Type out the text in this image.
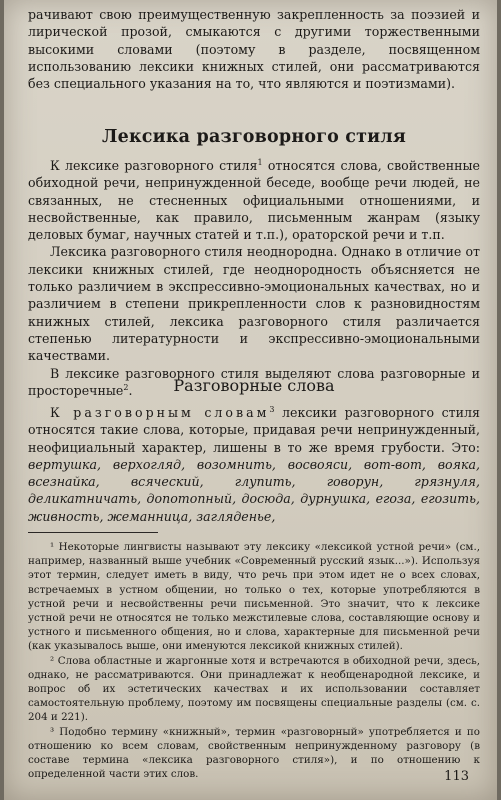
рачивают свою преимущественную закрепленность за поэзией и лирической прозой, смыкаются с другими торжественными высокими словами (поэтому в разделе, посвященном использованию лексики книжных стилей, они рассматриваются без специального указания на то, что являются и поэтизмами).

Лексика разговорного стиля

К лексике разговорного стиля$^1$ относятся слова, свойственные обиходной речи, непринужденной беседе, вообще речи людей, не связанных, не стесненных официальными отношениями, и несвойственные, как правило, письменным жанрам (языку деловых бумаг, научных статей и т.п.), ораторской речи и т.п.

Лексика разговорного стиля неоднородна. Однако в отличие от лексики книжных стилей, где неоднородность объясняется не только различием в экспрессивно-эмоциональных качествах, но и различием в степени прикрепленности слов к разновидностям книжных стилей, лексика разговорного стиля различается степенью литературности и экспрессивно-эмоциональными качествами.

В лексике разговорного стиля выделяют слова разговорные и просторечные$^2$.	Разговорные слова

К разговорным словам$^3$ лексики разговорного стиля относятся такие слова, которые, придавая речи непринужденный, неофициальный характер, лишены в то же время грубости. Это: вертушка, верхогляд, возомнить, восвояси, вот-вот, вояка, всезнайка, всяческий, глупить, говорун, грязнуля, деликатничать, допотопный, досюда, дурнушка, егоза, егозить, живность, жеманница, загляденье,

¹ Некоторые лингвисты называют эту лексику «лексикой устной речи» (см., например, названный выше учебник «Современный русский язык...»). Используя этот термин, следует иметь в виду, что речь при этом идет не о всех словах, встречаемых в устном общении, но только о тех, которые употребляются в устной речи и несвойственны речи письменной. Это значит, что к лексике устной речи не относятся не только межстилевые слова, составляющие основу и устного и письменного общения, но и слова, характерные для письменной речи (как указывалось выше, они именуются лексикой книжных стилей).

² Слова областные и жаргонные хотя и встречаются в обиходной речи, здесь, однако, не рассматриваются. Они принадлежат к необщенародной лексике, и вопрос об их эстетических качествах и их использовании составляет самостоятельную проблему, поэтому им посвящены специальные разделы (см. с. 204 и 221).

³ Подобно термину «книжный», термин «разговорный» употребляется и по отношению ко всем словам, свойственным непринужденному разговору (в составе термина «лексика разговорного стиля»), и по отношению к определенной части этих слов.	113
